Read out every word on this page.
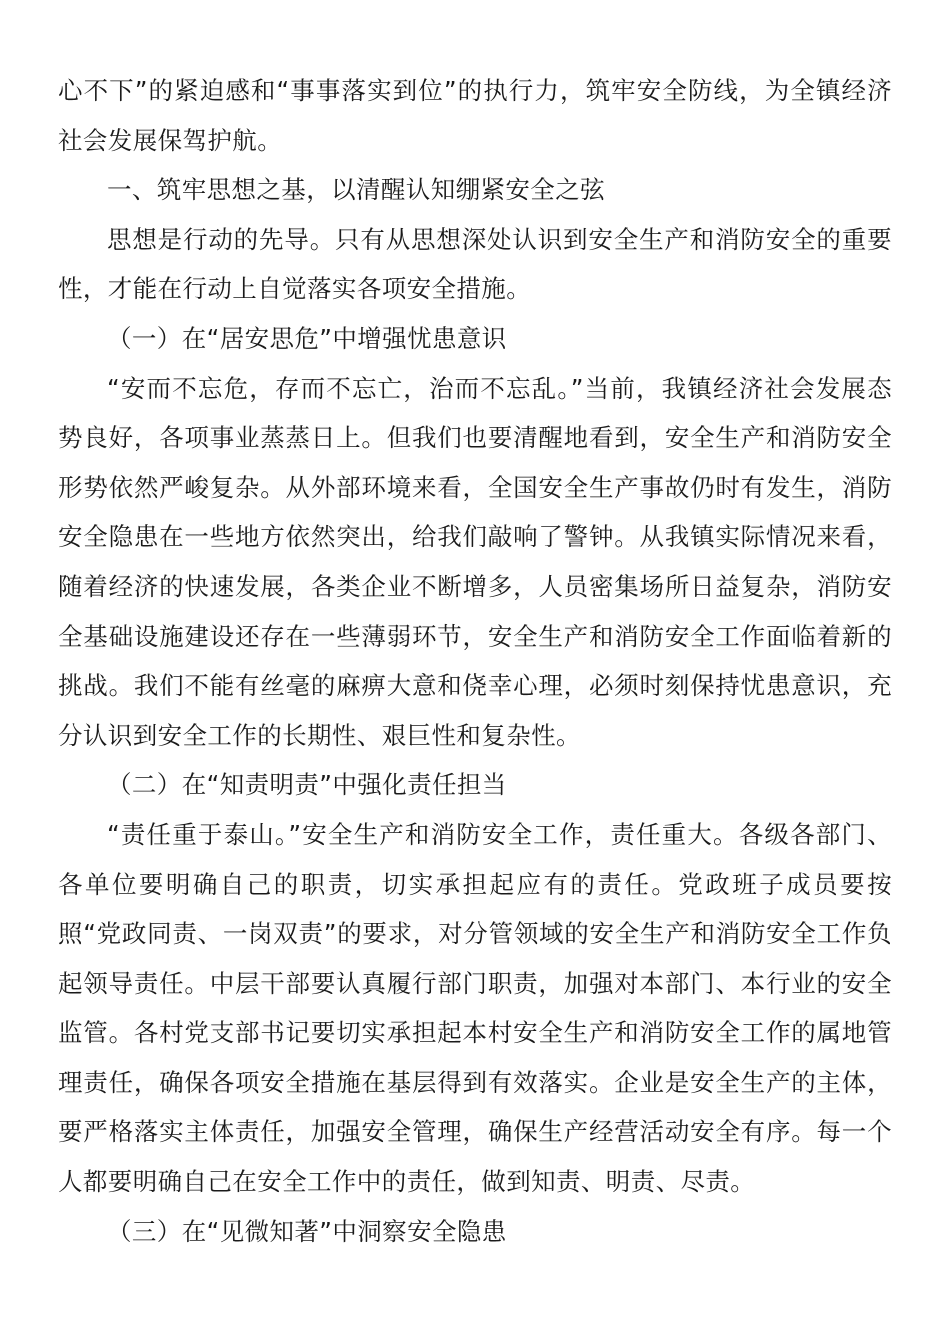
心不下”的紧迫感和“事事落实到位”的执行力，筑牢安全防线，为全镇经济社会发展保驾护航。

一、筑牢思想之基，以清醒认知绷紧安全之弦

思想是行动的先导。只有从思想深处认识到安全生产和消防安全的重要性，才能在行动上自觉落实各项安全措施。

（一）在“居安思危”中增强忧患意识

“安而不忘危，存而不忘亡，治而不忘乱。”当前，我镇经济社会发展态势良好，各项事业蒸蒸日上。但我们也要清醒地看到，安全生产和消防安全形势依然严峻复杂。从外部环境来看，全国安全生产事故仍时有发生，消防安全隐患在一些地方依然突出，给我们敲响了警钟。从我镇实际情况来看，随着经济的快速发展，各类企业不断增多，人员密集场所日益复杂，消防安全基础设施建设还存在一些薄弱环节，安全生产和消防安全工作面临着新的挑战。我们不能有丝毫的麻痹大意和侥幸心理，必须时刻保持忧患意识，充分认识到安全工作的长期性、艰巨性和复杂性。

（二）在“知责明责”中强化责任担当

“责任重于泰山。”安全生产和消防安全工作，责任重大。各级各部门、各单位要明确自己的职责，切实承担起应有的责任。党政班子成员要按照“党政同责、一岗双责”的要求，对分管领域的安全生产和消防安全工作负起领导责任。中层干部要认真履行部门职责，加强对本部门、本行业的安全监管。各村党支部书记要切实承担起本村安全生产和消防安全工作的属地管理责任，确保各项安全措施在基层得到有效落实。企业是安全生产的主体，要严格落实主体责任，加强安全管理，确保生产经营活动安全有序。每一个人都要明确自己在安全工作中的责任，做到知责、明责、尽责。

（三）在“见微知著”中洞察安全隐患
